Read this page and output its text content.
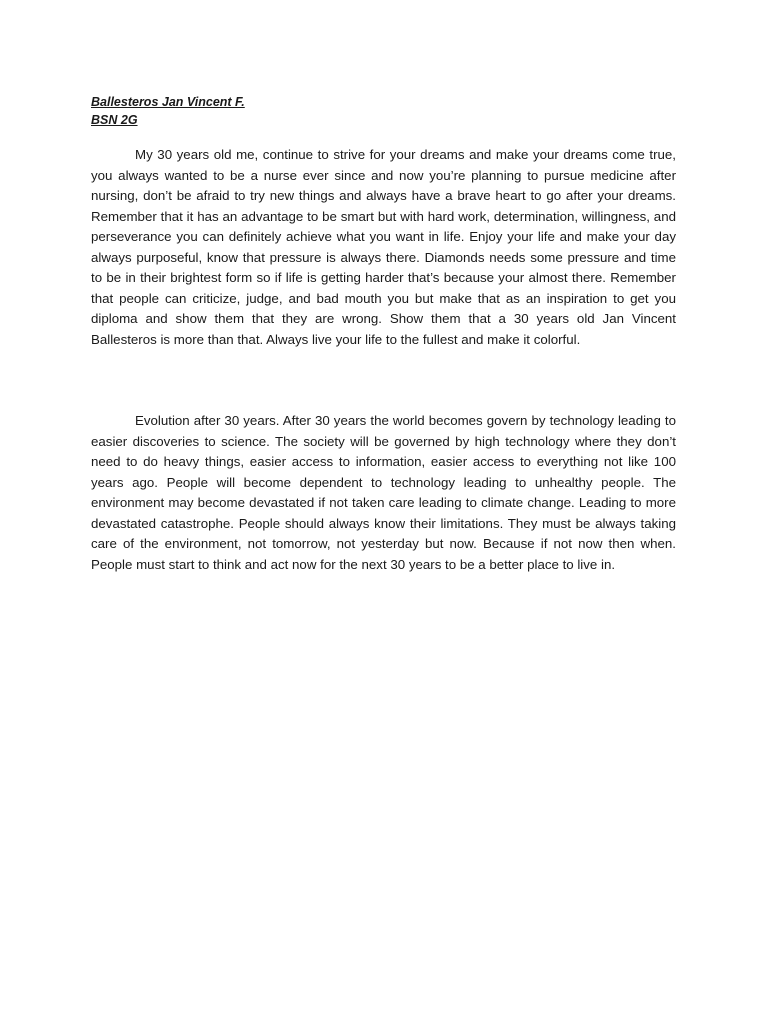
Ballesteros Jan Vincent F.
BSN 2G

My 30 years old me, continue to strive for your dreams and make your dreams come true, you always wanted to be a nurse ever since and now you’re planning to pursue medicine after nursing, don’t be afraid to try new things and always have a brave heart to go after your dreams. Remember that it has an advantage to be smart but with hard work, determination, willingness, and perseverance you can definitely achieve what you want in life. Enjoy your life and make your day always purposeful, know that pressure is always there. Diamonds needs some pressure and time to be in their brightest form so if life is getting harder that’s because your almost there. Remember that people can criticize, judge, and bad mouth you but make that as an inspiration to get you diploma and show them that they are wrong. Show them that a 30 years old Jan Vincent Ballesteros is more than that. Always live your life to the fullest and make it colorful.

Evolution after 30 years. After 30 years the world becomes govern by technology leading to easier discoveries to science. The society will be governed by high technology where they don’t need to do heavy things, easier access to information, easier access to everything not like 100 years ago. People will become dependent to technology leading to unhealthy people. The environment may become devastated if not taken care leading to climate change. Leading to more devastated catastrophe. People should always know their limitations. They must be always taking care of the environment, not tomorrow, not yesterday but now. Because if not now then when. People must start to think and act now for the next 30 years to be a better place to live in.
